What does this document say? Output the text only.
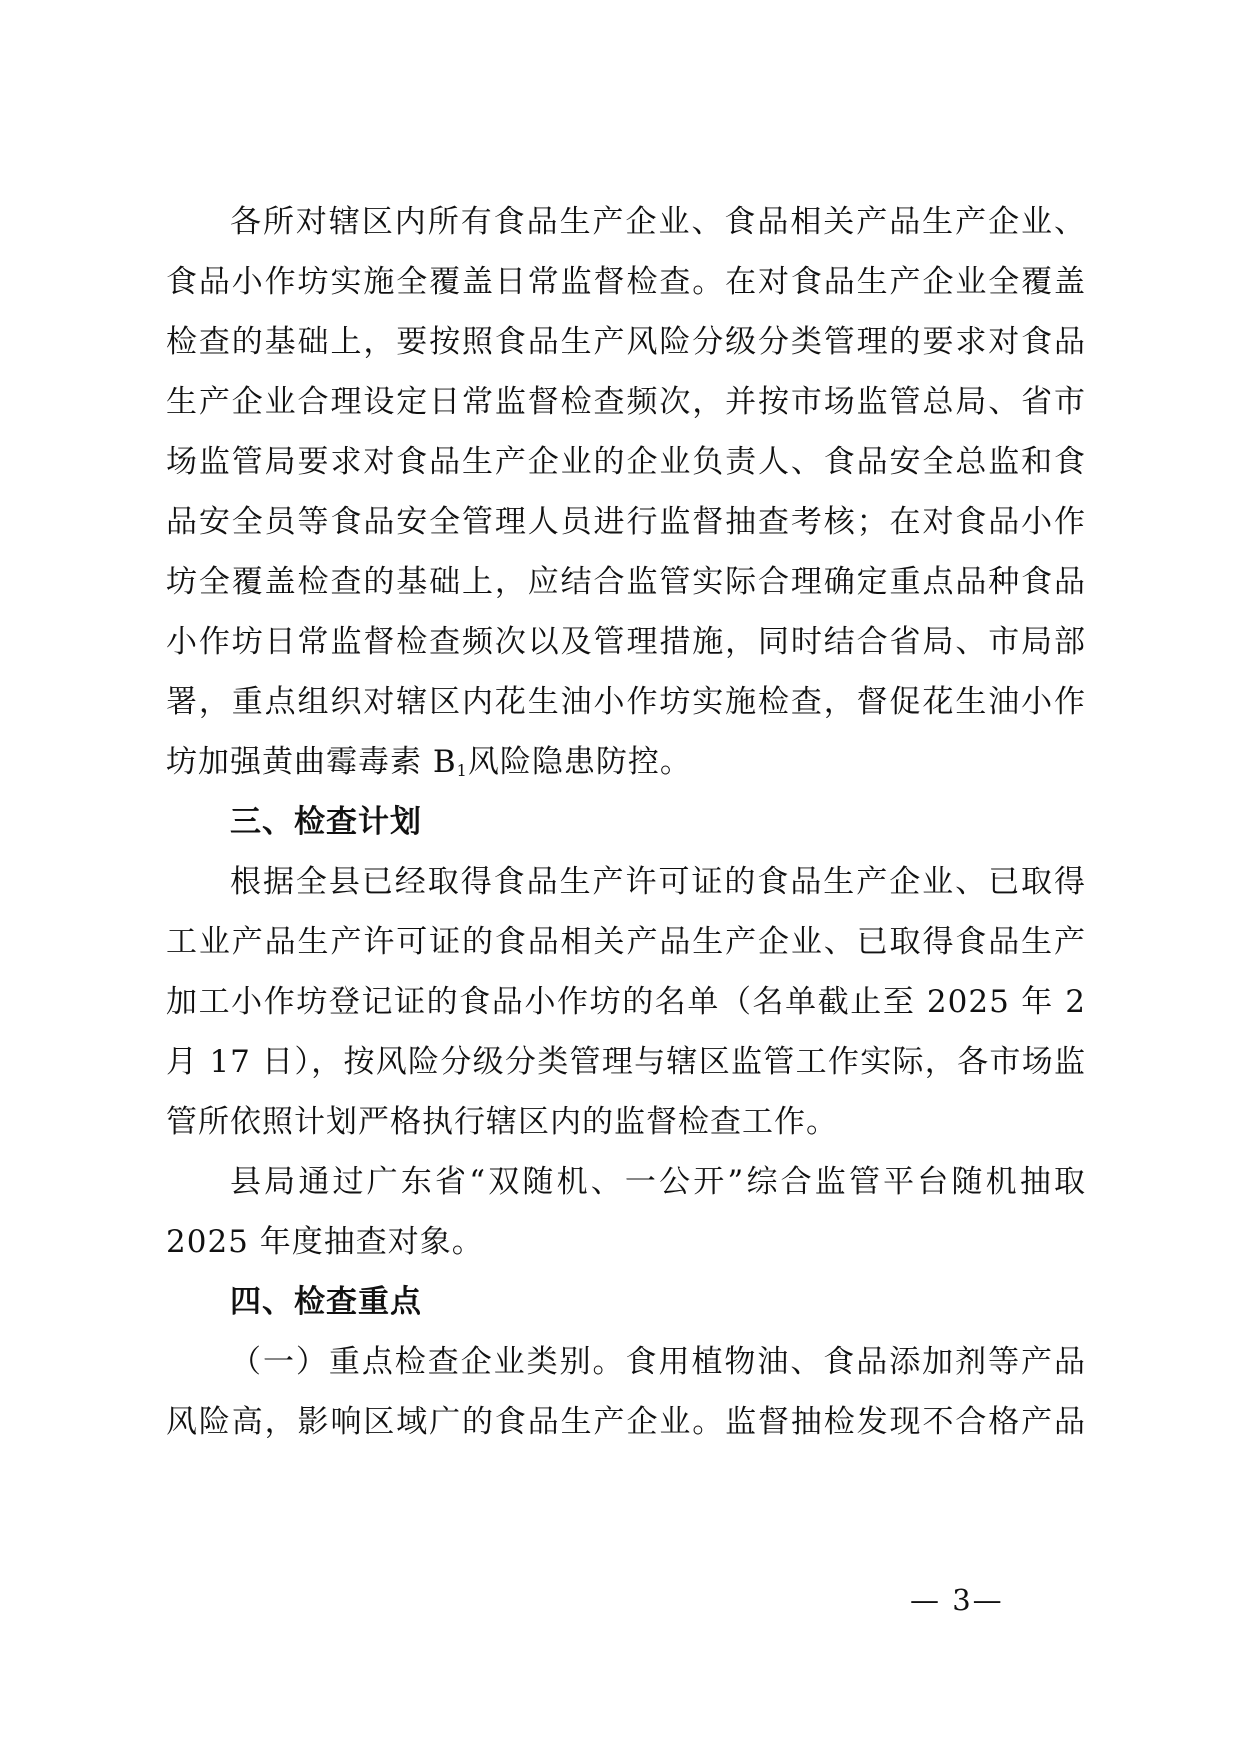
各所对辖区内所有食品生产企业、食品相关产品生产企业、
食品小作坊实施全覆盖日常监督检查。在对食品生产企业全覆盖
检查的基础上，要按照食品生产风险分级分类管理的要求对食品
生产企业合理设定日常监督检查频次，并按市场监管总局、省市
场监管局要求对食品生产企业的企业负责人、食品安全总监和食
品安全员等食品安全管理人员进行监督抽查考核；在对食品小作
坊全覆盖检查的基础上，应结合监管实际合理确定重点品种食品
小作坊日常监督检查频次以及管理措施，同时结合省局、市局部
署，重点组织对辖区内花生油小作坊实施检查，督促花生油小作
坊加强黄曲霉毒素 $B_1$风险隐患防控。
三、检查计划
根据全县已经取得食品生产许可证的食品生产企业、已取得
工业产品生产许可证的食品相关产品生产企业、已取得食品生产
加工小作坊登记证的食品小作坊的名单（名单截止至 2025 年 2
月 17 日），按风险分级分类管理与辖区监管工作实际，各市场监
管所依照计划严格执行辖区内的监督检查工作。
县局通过广东省“双随机、一公开”综合监管平台随机抽取
2025 年度抽查对象。
四、检查重点
（一）重点检查企业类别。食用植物油、食品添加剂等产品
风险高，影响区域广的食品生产企业。监督抽检发现不合格产品
— 3—
